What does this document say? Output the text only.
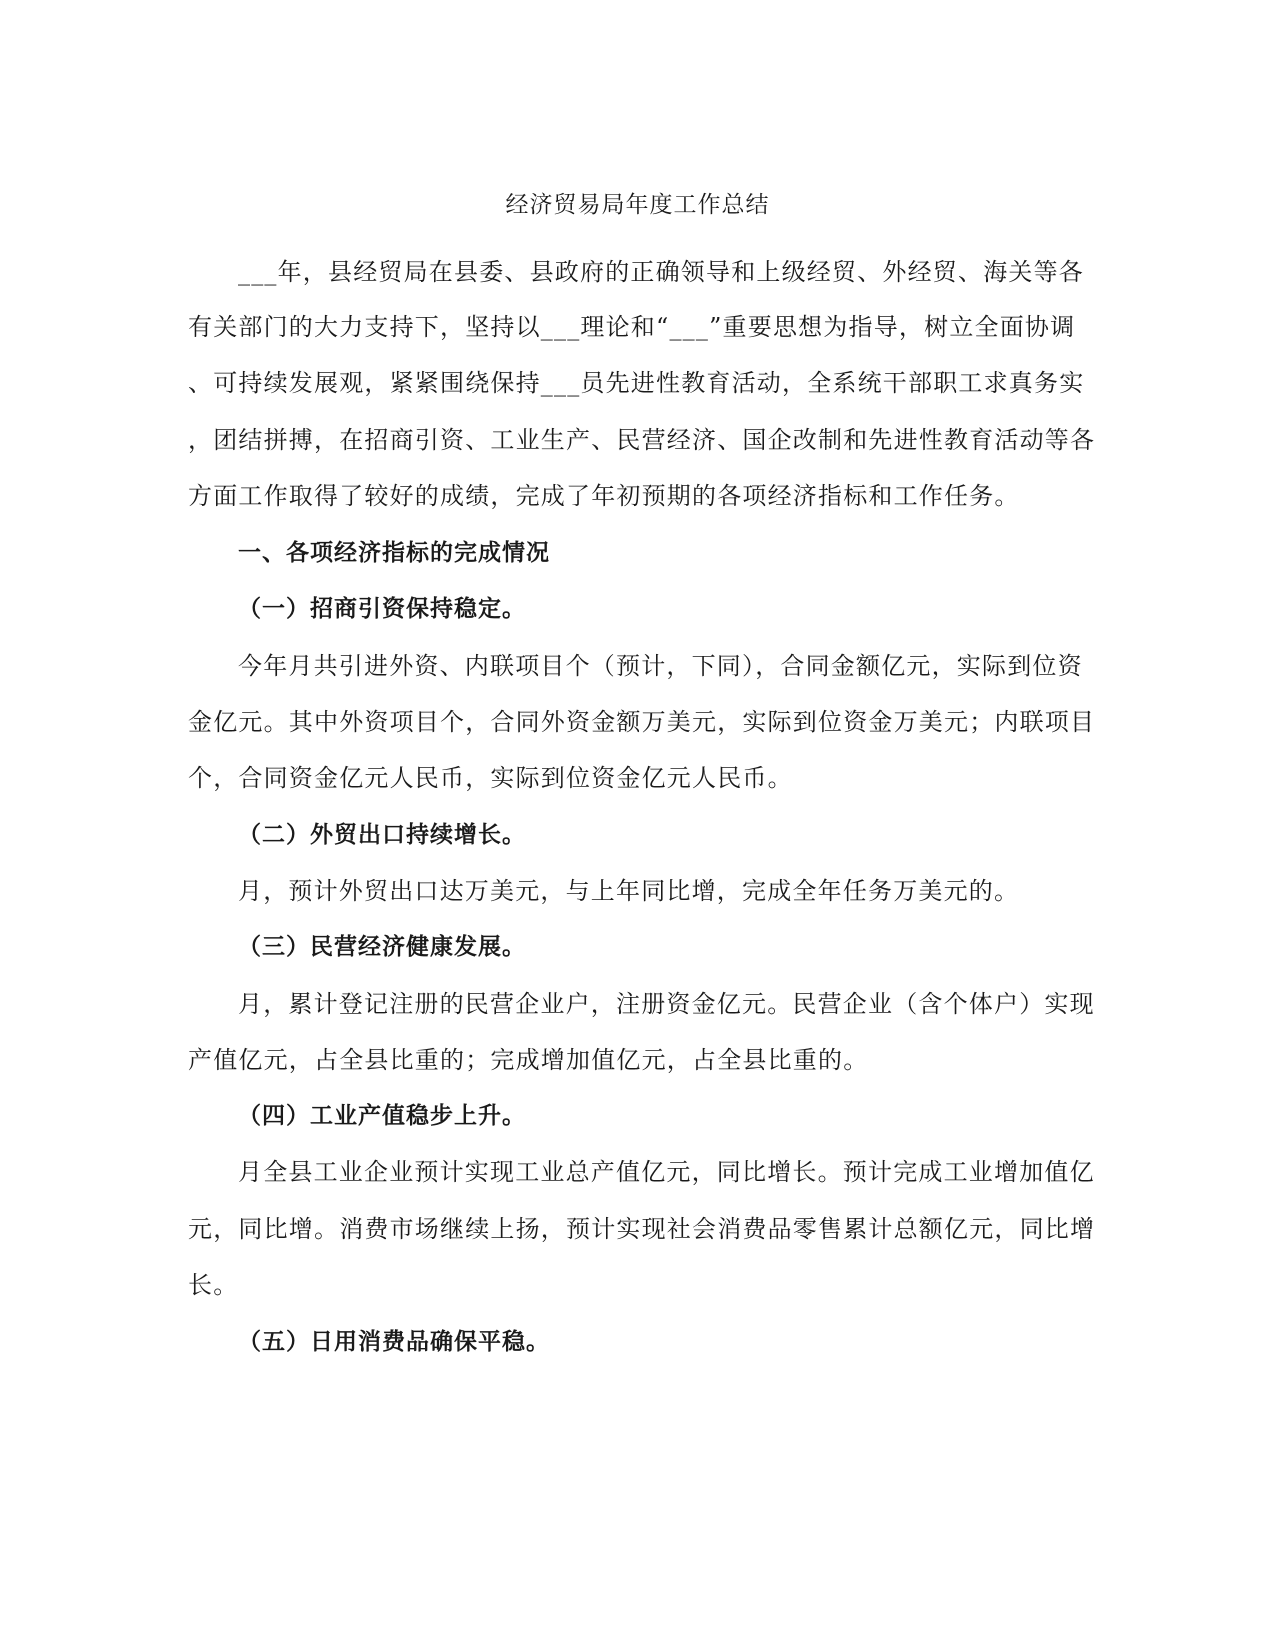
经济贸易局年度工作总结
___年，县经贸局在县委、县政府的正确领导和上级经贸、外经贸、海关等各
有关部门的大力支持下，坚持以___理论和“___”重要思想为指导，树立全面协调
、可持续发展观，紧紧围绕保持___员先进性教育活动，全系统干部职工求真务实
，团结拼搏，在招商引资、工业生产、民营经济、国企改制和先进性教育活动等各
方面工作取得了较好的成绩，完成了年初预期的各项经济指标和工作任务。
一、各项经济指标的完成情况
（一）招商引资保持稳定。
今年月共引进外资、内联项目个（预计，下同），合同金额亿元，实际到位资
金亿元。其中外资项目个，合同外资金额万美元，实际到位资金万美元；内联项目
个，合同资金亿元人民币，实际到位资金亿元人民币。
（二）外贸出口持续增长。
月，预计外贸出口达万美元，与上年同比增，完成全年任务万美元的。
（三）民营经济健康发展。
月，累计登记注册的民营企业户，注册资金亿元。民营企业（含个体户）实现
产值亿元，占全县比重的；完成增加值亿元，占全县比重的。
（四）工业产值稳步上升。
月全县工业企业预计实现工业总产值亿元，同比增长。预计完成工业增加值亿
元，同比增。消费市场继续上扬，预计实现社会消费品零售累计总额亿元，同比增
长。
（五）日用消费品确保平稳。
